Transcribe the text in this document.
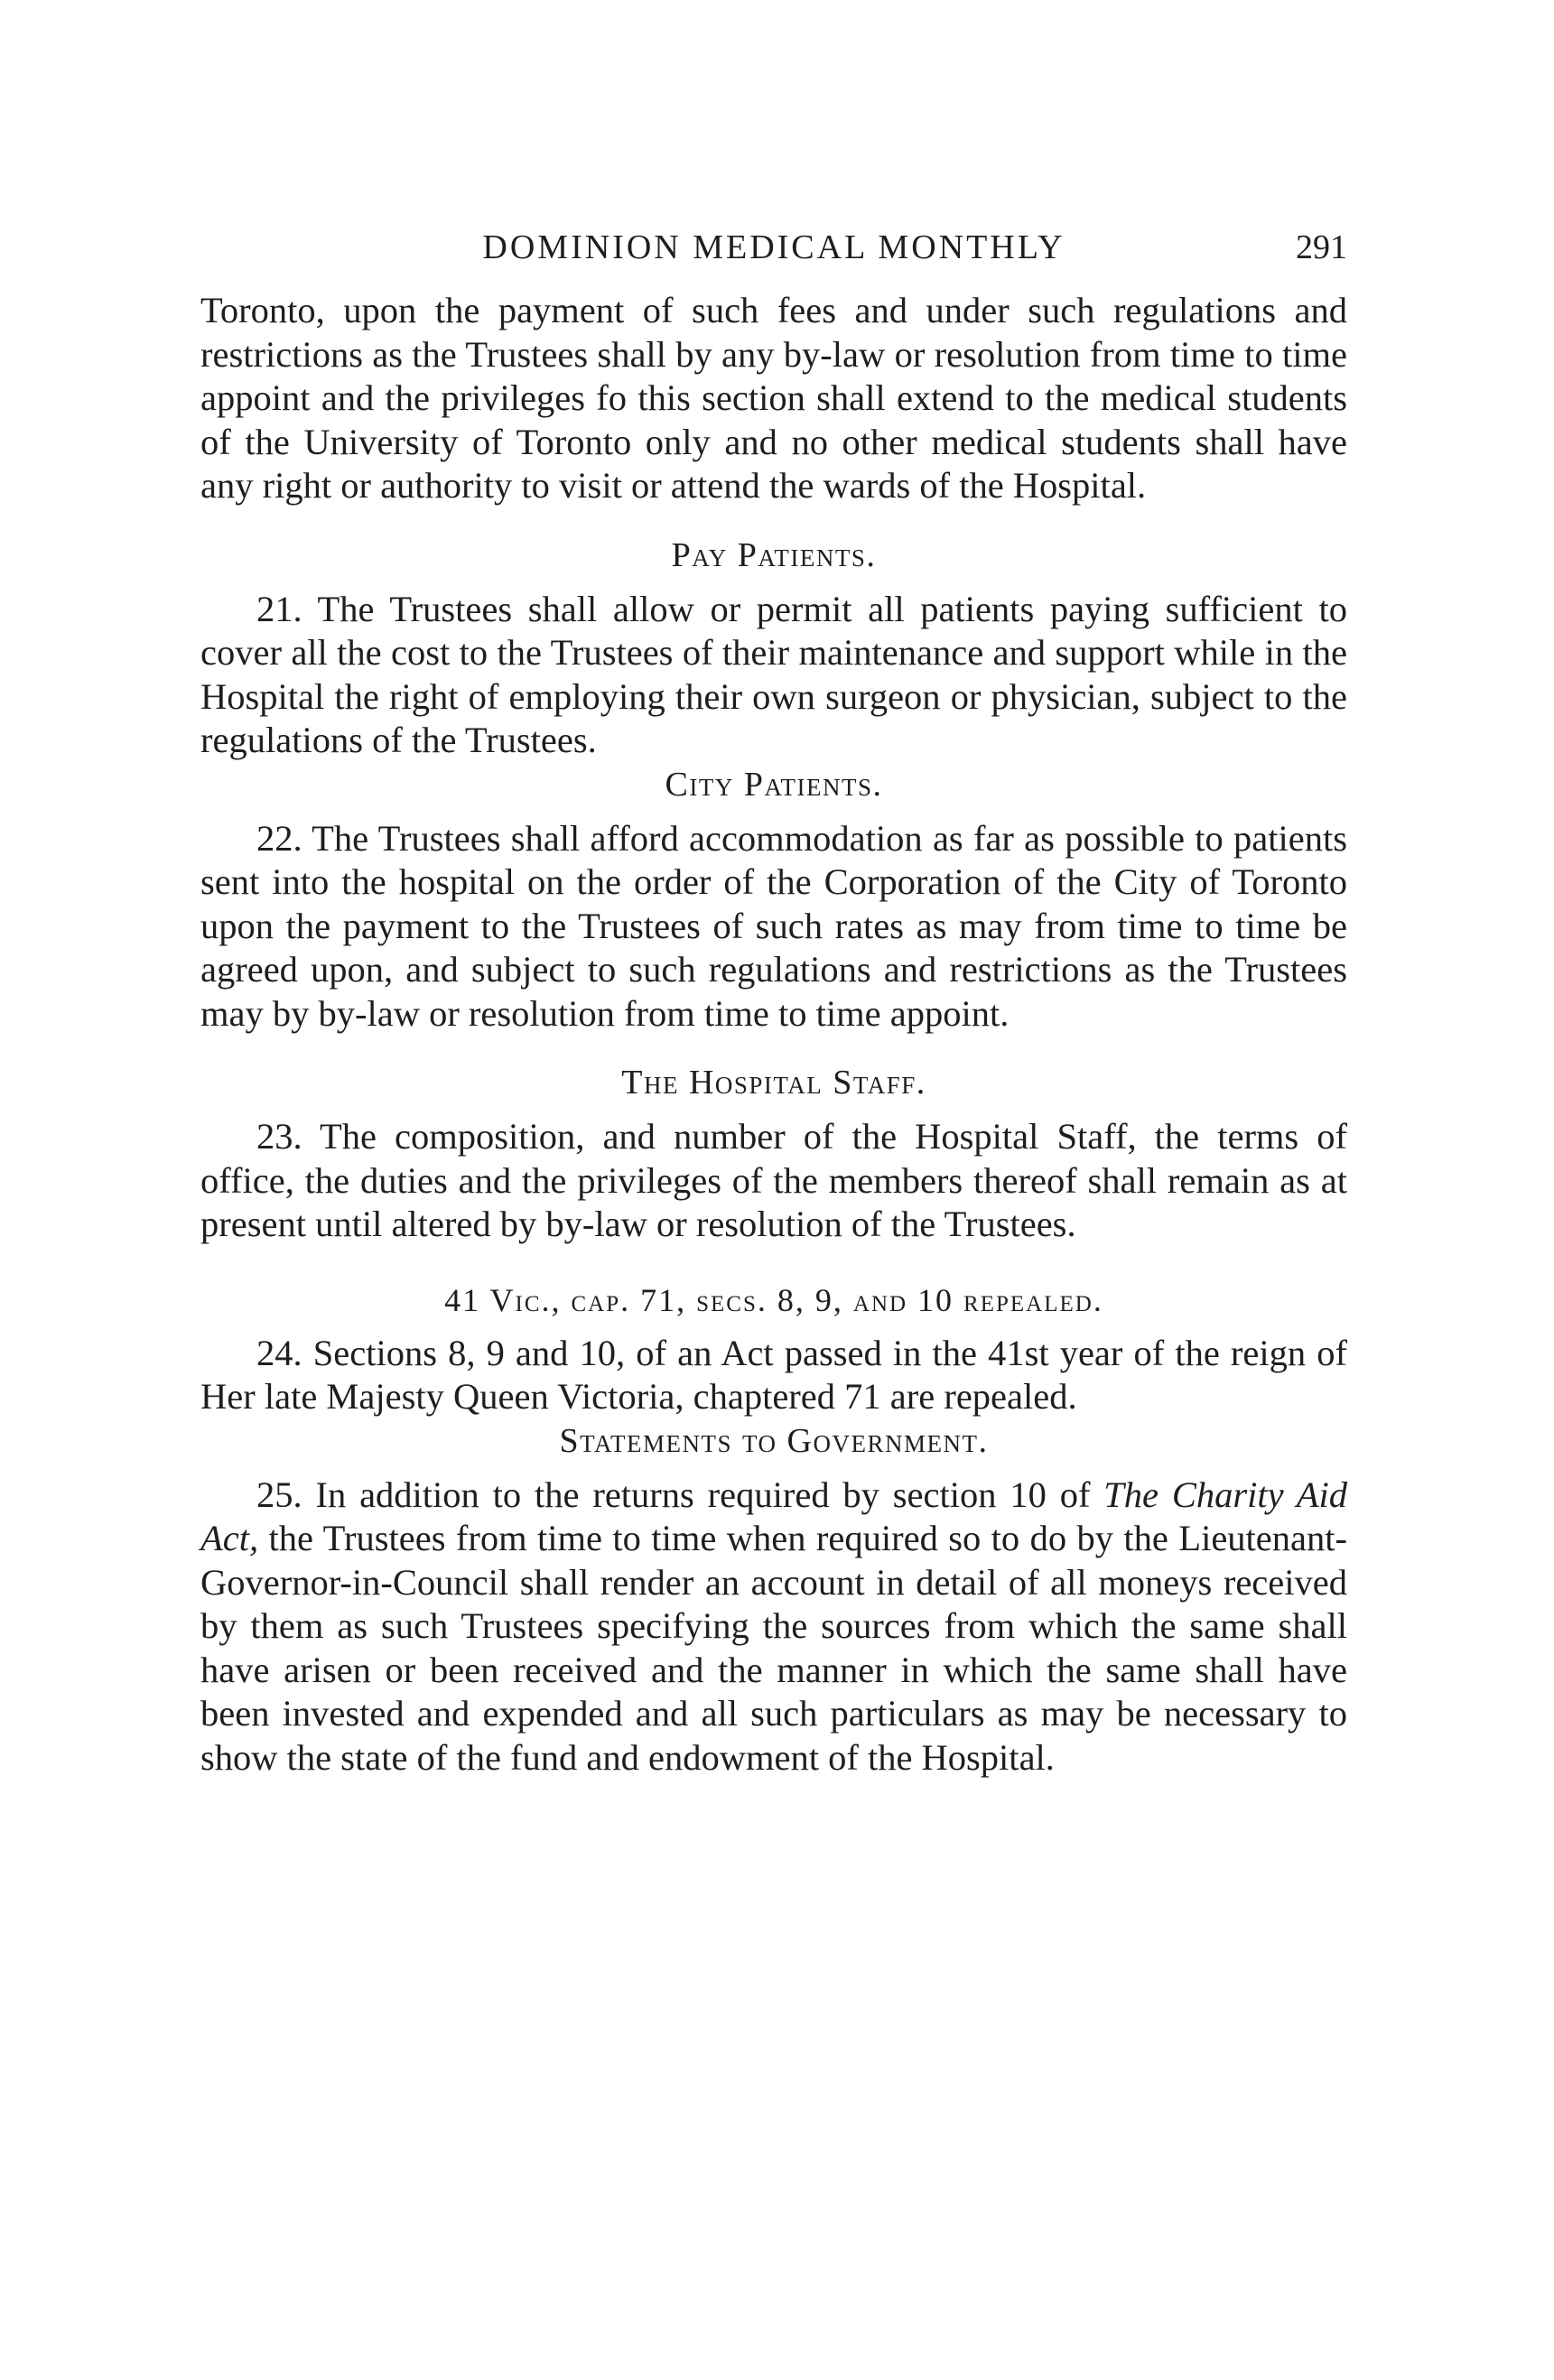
DOMINION MEDICAL MONTHLY	291

Toronto, upon the payment of such fees and under such regulations and restrictions as the Trustees shall by any by-law or resolution from time to time appoint and the privileges fo this section shall extend to the medical students of the University of Toronto only and no other medical students shall have any right or authority to visit or attend the wards of the Hospital.

Pay Patients.

21. The Trustees shall allow or permit all patients paying sufficient to cover all the cost to the Trustees of their maintenance and support while in the Hospital the right of employing their own surgeon or physician, subject to the regulations of the Trustees.

City Patients.

22. The Trustees shall afford accommodation as far as possible to patients sent into the hospital on the order of the Corporation of the City of Toronto upon the payment to the Trustees of such rates as may from time to time be agreed upon, and subject to such regulations and restrictions as the Trustees may by by-law or resolution from time to time appoint.

The Hospital Staff.

23. The composition, and number of the Hospital Staff, the terms of office, the duties and the privileges of the members thereof shall remain as at present until altered by by-law or resolution of the Trustees.

41 Vic., cap. 71, secs. 8, 9, and 10 repealed.

24. Sections 8, 9 and 10, of an Act passed in the 41st year of the reign of Her late Majesty Queen Victoria, chaptered 71 are repealed.

Statements to Government.

25. In addition to the returns required by section 10 of The Charity Aid Act, the Trustees from time to time when required so to do by the Lieutenant-Governor-in-Council shall render an account in detail of all moneys received by them as such Trustees specifying the sources from which the same shall have arisen or been received and the manner in which the same shall have been invested and expended and all such particulars as may be necessary to show the state of the fund and endowment of the Hospital.
